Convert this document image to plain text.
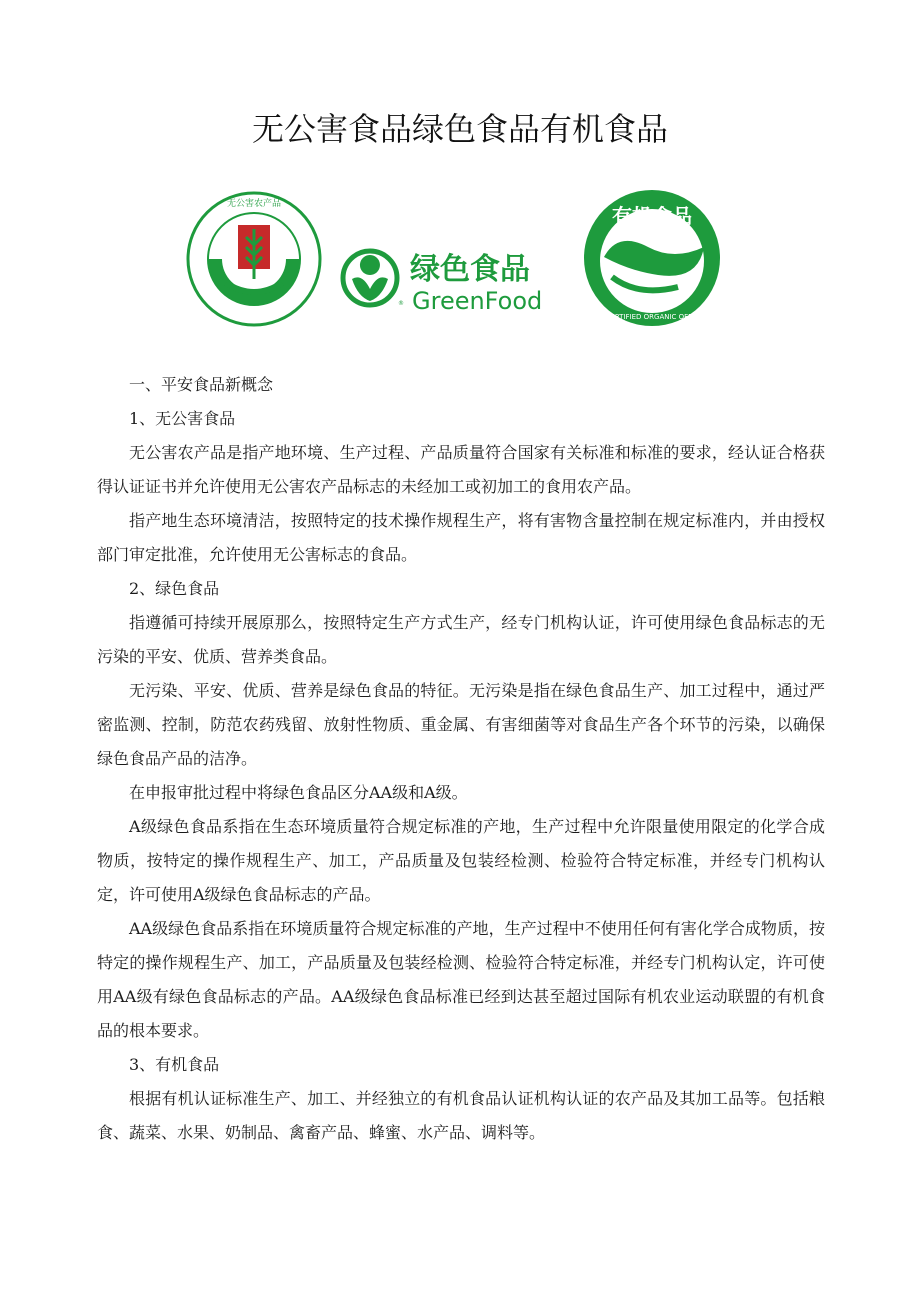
无公害食品绿色食品有机食品
无公害农产品
®
绿色食品
GreenFood
有机食品
CERTIFIED ORGANIC OFDC

一、平安食品新概念

1、无公害食品

无公害农产品是指产地环境、生产过程、产品质量符合国家有关标准和标准的要求，经认证合格获得认证证书并允许使用无公害农产品标志的未经加工或初加工的食用农产品。

指产地生态环境清洁，按照特定的技术操作规程生产，将有害物含量控制在规定标准内，并由授权部门审定批准，允许使用无公害标志的食品。

2、绿色食品

指遵循可持续开展原那么，按照特定生产方式生产，经专门机构认证，许可使用绿色食品标志的无污染的平安、优质、营养类食品。

无污染、平安、优质、营养是绿色食品的特征。无污染是指在绿色食品生产、加工过程中，通过严密监测、控制，防范农药残留、放射性物质、重金属、有害细菌等对食品生产各个环节的污染，以确保绿色食品产品的洁净。

在申报审批过程中将绿色食品区分AA级和A级。

A级绿色食品系指在生态环境质量符合规定标准的产地，生产过程中允许限量使用限定的化学合成物质，按特定的操作规程生产、加工，产品质量及包装经检测、检验符合特定标准，并经专门机构认定，许可使用A级绿色食品标志的产品。

AA级绿色食品系指在环境质量符合规定标准的产地，生产过程中不使用任何有害化学合成物质，按特定的操作规程生产、加工，产品质量及包装经检测、检验符合特定标准，并经专门机构认定，许可使用AA级有绿色食品标志的产品。AA级绿色食品标准已经到达甚至超过国际有机农业运动联盟的有机食品的根本要求。

3、有机食品

根据有机认证标准生产、加工、并经独立的有机食品认证机构认证的农产品及其加工品等。包括粮食、蔬菜、水果、奶制品、禽畜产品、蜂蜜、水产品、调料等。
